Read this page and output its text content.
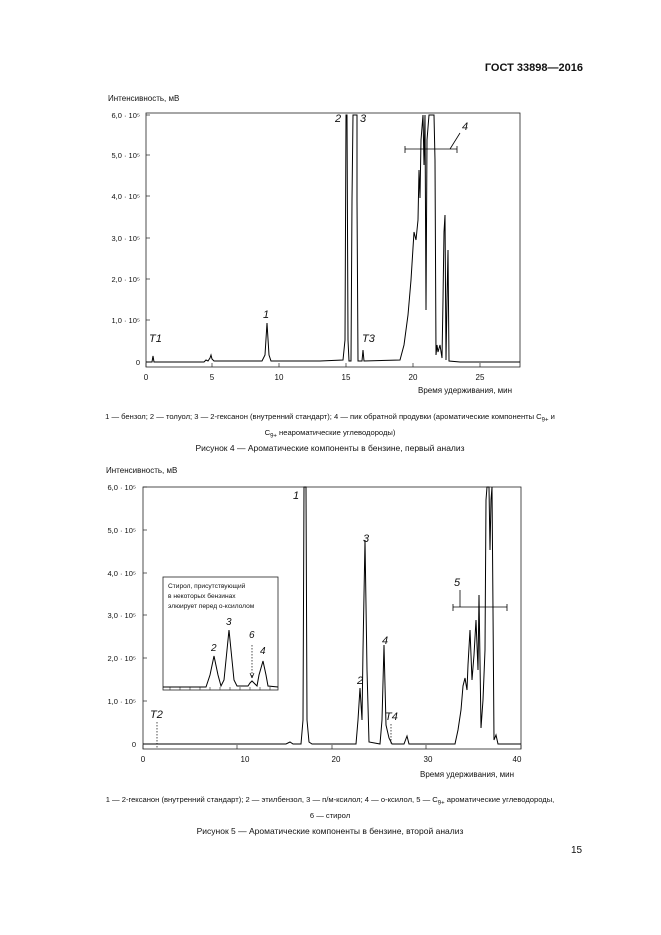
ГОСТ 33898—2016
Интенсивность, мВ
0
1,0 · 10⁵
2,0 · 10⁵
3,0 · 10⁵
4,0 · 10⁵
5,0 · 10⁵
6,0 · 10⁵
0	5	10	15	20	25
1
2 3
4
T1	T3
Время удерживания, мин
1 — бензол; 2 — толуол; 3 — 2-гексанон (внутренний стандарт); 4 — пик обратной продувки (ароматические компоненты $C_{9+}$ и
$C_{9+}$ неароматические углеводороды)
Рисунок 4 — Ароматические компоненты в бензине, первый анализ
Интенсивность, мВ
0
1,0 · 10⁵
2,0 · 10⁵
3,0 · 10⁵
4,0 · 10⁵
5,0 · 10⁵
6,0 · 10⁵
0	10	20	30	40
Стирол, присутствующий
в некоторых бензинах
элюирует перед о-ксилолом
2
3
6
4
1
2
3
4
5
T2	T4
Время удерживания, мин
1 — 2-гексанон (внутренний стандарт); 2 — этилбензол, 3 — п/м-ксилол; 4 — о-ксилол, 5 — $C_{9+}$ ароматические углеводороды,
6 — стирол
Рисунок 5 — Ароматические компоненты в бензине, второй анализ
15
